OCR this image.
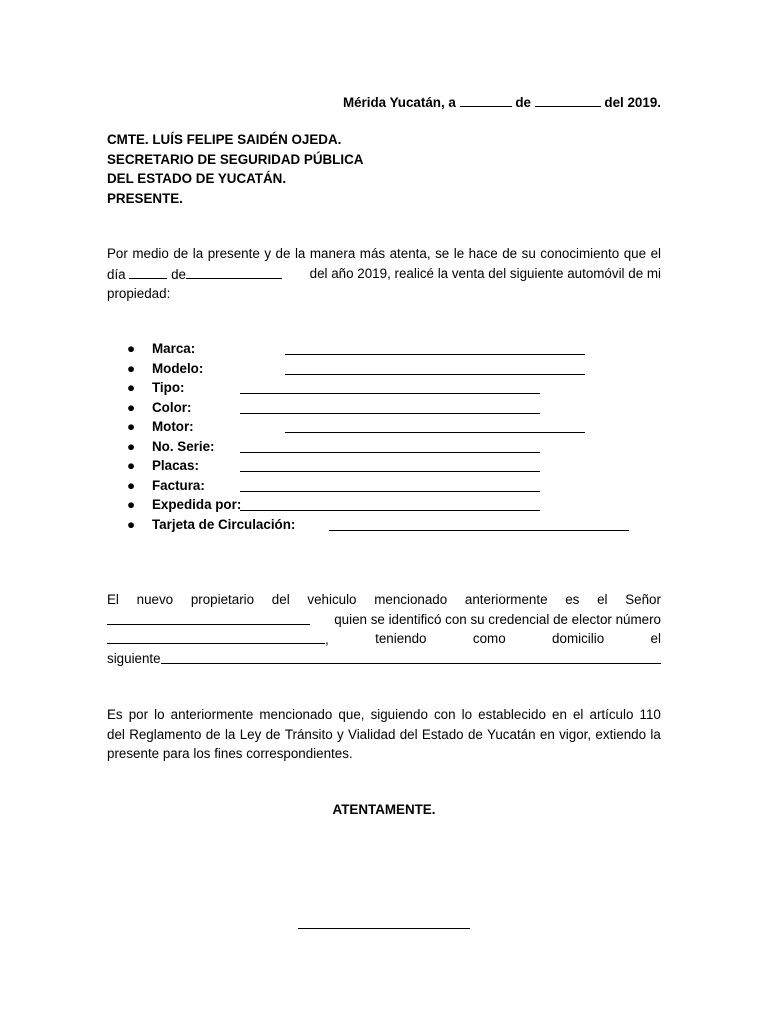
Mérida Yucatán, a	de	del 2019.
CMTE. LUÍS FELIPE SAIDÉN OJEDA.
SECRETARIO DE SEGURIDAD PÚBLICA
DEL ESTADO DE YUCATÁN.
PRESENTE.
Por medio de la presente y de la manera más atenta, se le hace de su conocimiento que el
día	de	del año 2019, realicé la venta del siguiente automóvil de mi
propiedad:
● Marca:
● Modelo:
● Tipo:
● Color:
● Motor:
● No. Serie:
● Placas:
● Factura:
● Expedida por:
● Tarjeta de Circulación:
El nuevo propietario del vehiculo mencionado anteriormente es el Señor
quien se identificó con su credencial de elector número
,	teniendo	como	domicilio	el
siguiente
Es por lo anteriormente mencionado que, siguiendo con lo establecido en el artículo 110
del Reglamento de la Ley de Tránsito y Vialidad del Estado de Yucatán en vigor, extiendo la
presente para los fines correspondientes.
ATENTAMENTE.
